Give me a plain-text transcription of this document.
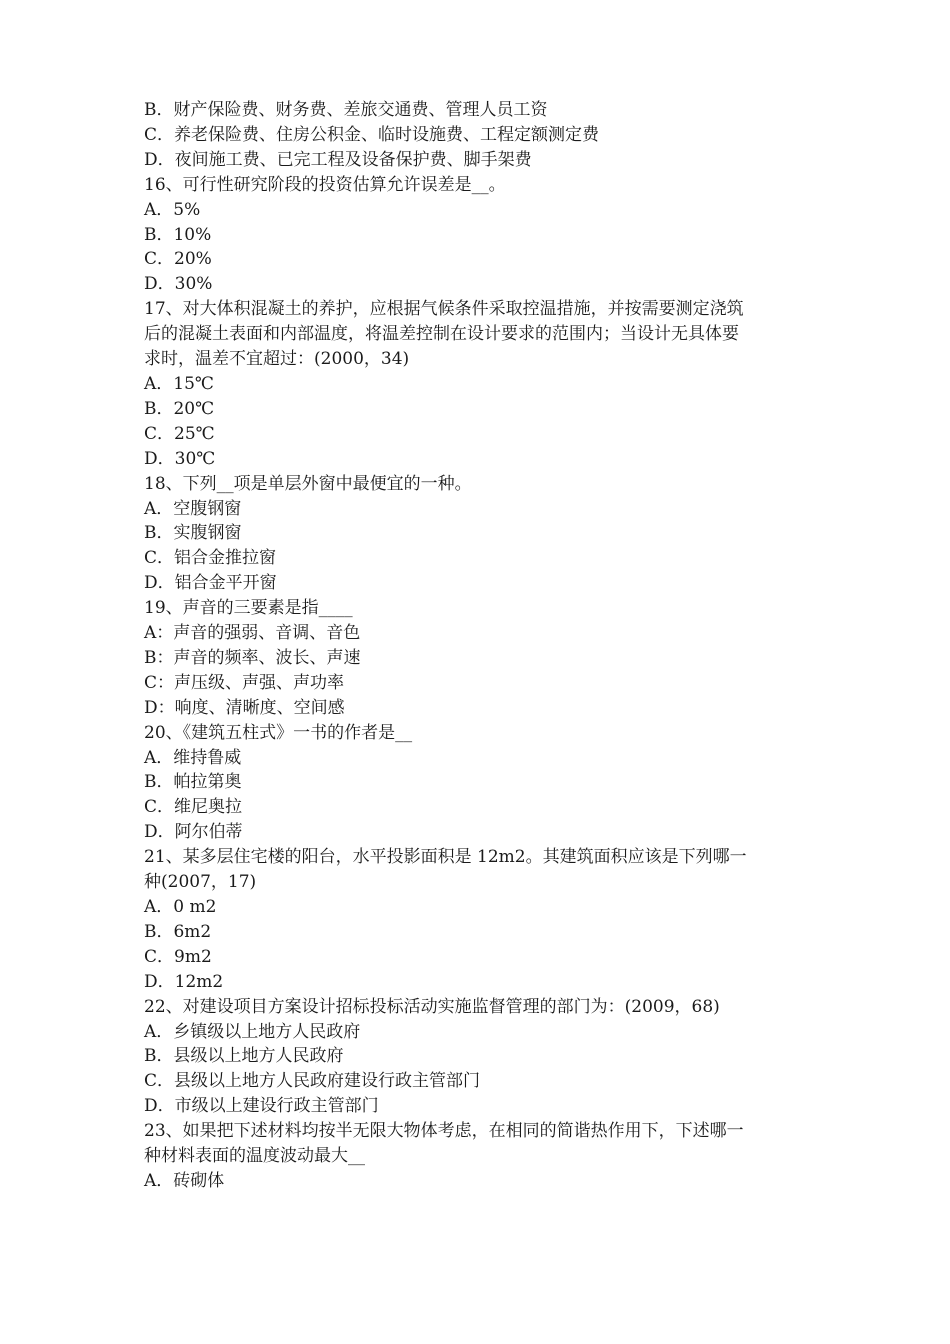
B．财产保险费、财务费、差旅交通费、管理人员工资
C．养老保险费、住房公积金、临时设施费、工程定额测定费
D．夜间施工费、已完工程及设备保护费、脚手架费
16、可行性研究阶段的投资估算允许误差是__。
A．5%
B．10%
C．20%
D．30%
17、对大体积混凝土的养护，应根据气候条件采取控温措施，并按需要测定浇筑
后的混凝土表面和内部温度，将温差控制在设计要求的范围内；当设计无具体要
求时，温差不宜超过：(2000，34)
A．15℃
B．20℃
C．25℃
D．30℃
18、下列__项是单层外窗中最便宜的一种。
A．空腹钢窗
B．实腹钢窗
C．铝合金推拉窗
D．铝合金平开窗
19、声音的三要素是指____
A：声音的强弱、音调、音色
B：声音的频率、波长、声速
C：声压级、声强、声功率
D：响度、清晰度、空间感
20、《建筑五柱式》一书的作者是__
A．维持鲁威
B．帕拉第奥
C．维尼奥拉
D．阿尔伯蒂
21、某多层住宅楼的阳台，水平投影面积是 12m2。其建筑面积应该是下列哪一
种(2007，17)
A．0 m2
B．6m2
C．9m2
D．12m2
22、对建设项目方案设计招标投标活动实施监督管理的部门为：(2009，68)
A．乡镇级以上地方人民政府
B．县级以上地方人民政府
C．县级以上地方人民政府建设行政主管部门
D．市级以上建设行政主管部门
23、如果把下述材料均按半无限大物体考虑，在相同的简谐热作用下，下述哪一
种材料表面的温度波动最大__
A．砖砌体
